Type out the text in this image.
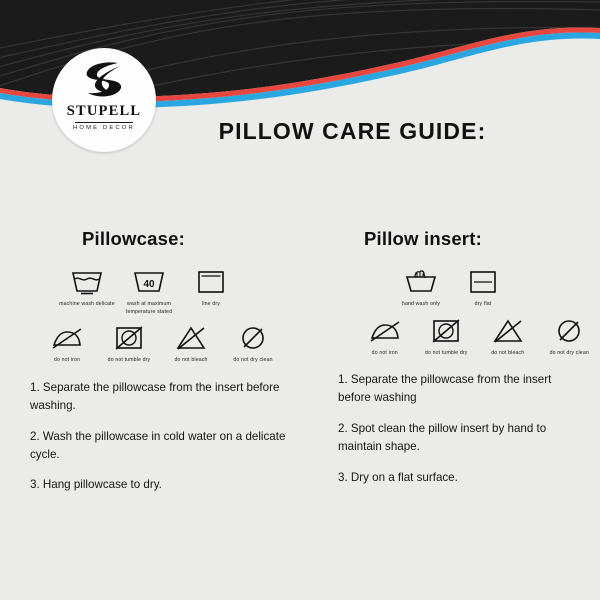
STUPELL
HOME DECOR	PILLOW CARE GUIDE:
Pillowcase:
machine wash delicate
40
wash at maximum temperature stated
line dry
do not iron	do not tumble dry	do not bleach	do not dry clean
1. Separate the pillowcase from the insert before washing.
2. Wash the pillowcase in cold water on a delicate cycle.
3. Hang pillowcase to dry.
Pillow insert:
hand wash only	dry flat
do not iron	do not tumble dry	do not bleach	do not dry clean
1. Separate the pillowcase from the insert before washing
2. Spot clean the pillow insert by hand to maintain shape.
3. Dry on a flat surface.
